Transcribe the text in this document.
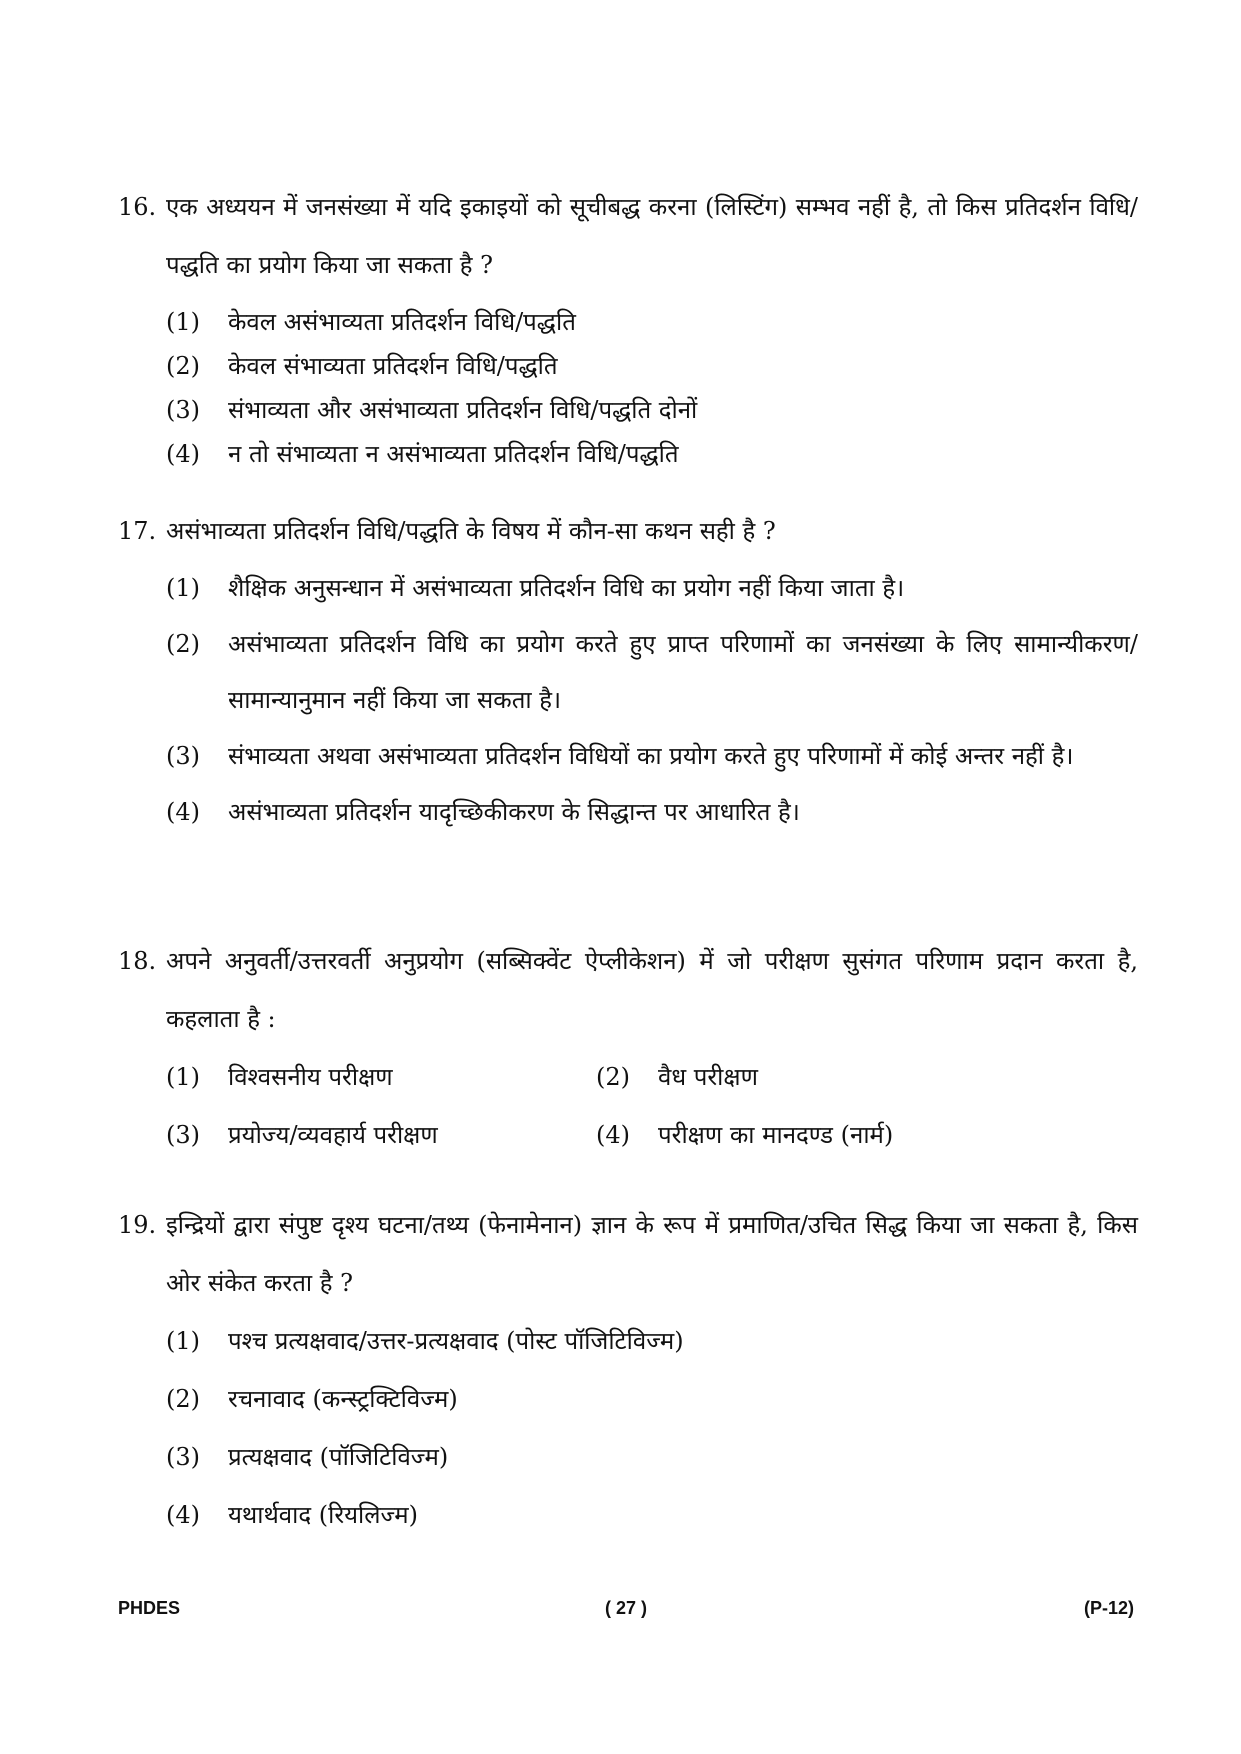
16. एक अध्ययन में जनसंख्या में यदि इकाइयों को सूचीबद्ध करना (लिस्टिंग) सम्भव नहीं है, तो किस प्रतिदर्शन विधि/पद्धति का प्रयोग किया जा सकता है ?
(1)	केवल असंभाव्यता प्रतिदर्शन विधि/पद्धति
(2)	केवल संभाव्यता प्रतिदर्शन विधि/पद्धति
(3)	संभाव्यता और असंभाव्यता प्रतिदर्शन विधि/पद्धति दोनों
(4)	न तो संभाव्यता न असंभाव्यता प्रतिदर्शन विधि/पद्धति
17. असंभाव्यता प्रतिदर्शन विधि/पद्धति के विषय में कौन-सा कथन सही है ?
(1)	शैक्षिक अनुसन्धान में असंभाव्यता प्रतिदर्शन विधि का प्रयोग नहीं किया जाता है।
(2)	असंभाव्यता प्रतिदर्शन विधि का प्रयोग करते हुए प्राप्त परिणामों का जनसंख्या के लिए सामान्यीकरण/सामान्यानुमान नहीं किया जा सकता है।
(3)	संभाव्यता अथवा असंभाव्यता प्रतिदर्शन विधियों का प्रयोग करते हुए परिणामों में कोई अन्तर नहीं है।
(4)	असंभाव्यता प्रतिदर्शन यादृच्छिकीकरण के सिद्धान्त पर आधारित है।
18. अपने अनुवर्ती/उत्तरवर्ती अनुप्रयोग (सब्सिक्वेंट ऐप्लीकेशन) में जो परीक्षण सुसंगत परिणाम प्रदान करता है, कहलाता है :
(1)	विश्वसनीय परीक्षण	(2)	वैध परीक्षण
(3)	प्रयोज्य/व्यवहार्य परीक्षण	(4)	परीक्षण का मानदण्ड (नार्म)
19. इन्द्रियों द्वारा संपुष्ट दृश्य घटना/तथ्य (फेनामेनान) ज्ञान के रूप में प्रमाणित/उचित सिद्ध किया जा सकता है, किस ओर संकेत करता है ?
(1)	पश्च प्रत्यक्षवाद/उत्तर-प्रत्यक्षवाद (पोस्ट पॉजिटिविज्म)
(2)	रचनावाद (कन्स्ट्रक्टिविज्म)
(3)	प्रत्यक्षवाद (पॉजिटिविज्म)
(4)	यथार्थवाद (रियलिज्म)
PHDES	( 27 )	(P-12)
